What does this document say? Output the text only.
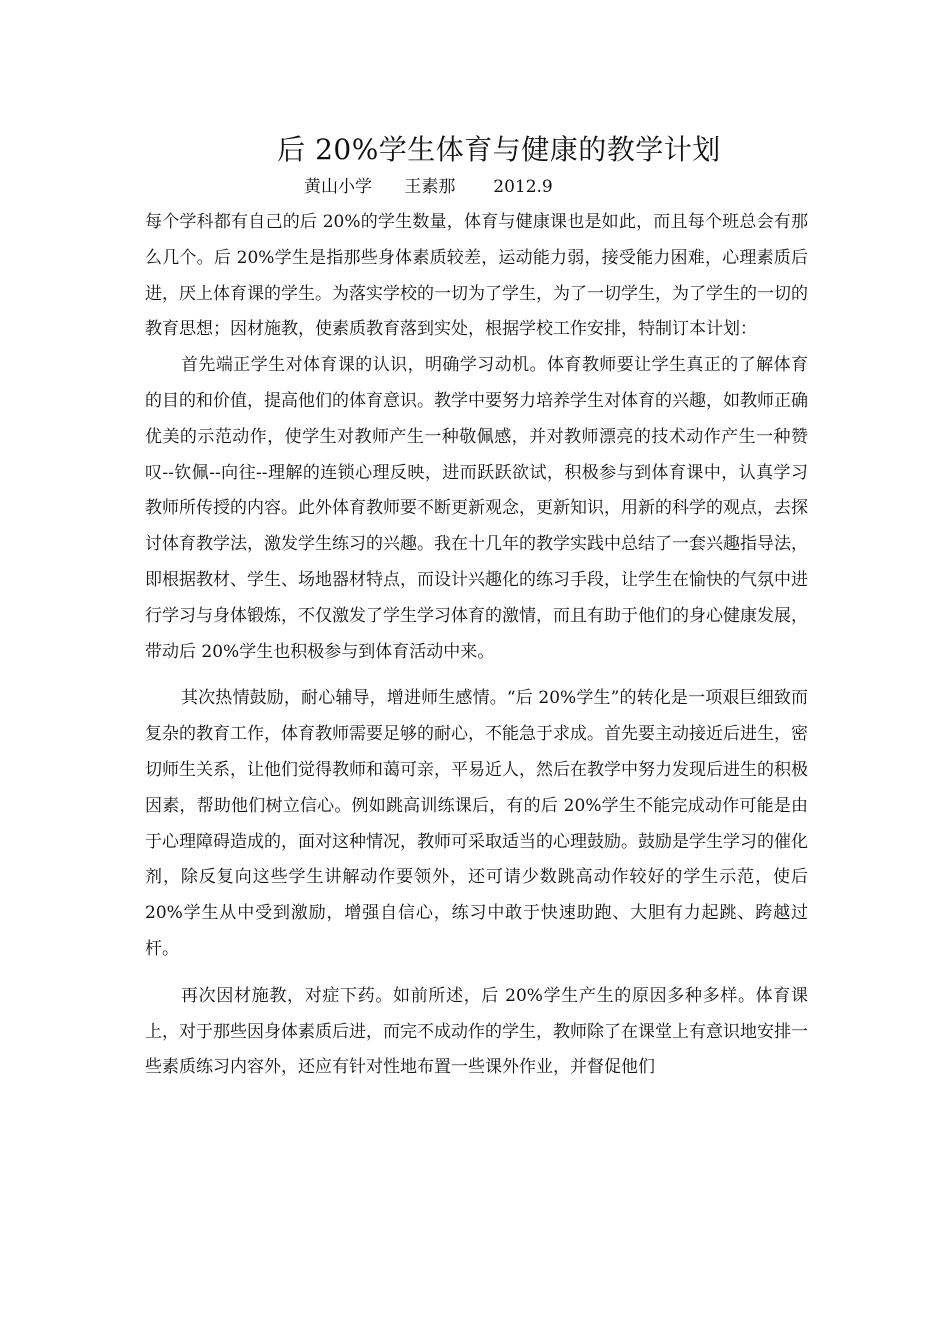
后 20%学生体育与健康的教学计划
黄山小学      王素那       2012.9

每个学科都有自己的后 20%的学生数量，体育与健康课也是如此，而且每个班总会有那么几个。后 20%学生是指那些身体素质较差，运动能力弱，接受能力困难，心理素质后进，厌上体育课的学生。为落实学校的一切为了学生，为了一切学生，为了学生的一切的教育思想；因材施教，使素质教育落到实处，根据学校工作安排，特制订本计划：

首先端正学生对体育课的认识，明确学习动机。体育教师要让学生真正的了解体育的目的和价值，提高他们的体育意识。教学中要努力培养学生对体育的兴趣，如教师正确优美的示范动作，使学生对教师产生一种敬佩感，并对教师漂亮的技术动作产生一种赞叹--钦佩--向往--理解的连锁心理反映，进而跃跃欲试，积极参与到体育课中，认真学习教师所传授的内容。此外体育教师要不断更新观念，更新知识，用新的科学的观点，去探讨体育教学法，激发学生练习的兴趣。我在十几年的教学实践中总结了一套兴趣指导法，即根据教材、学生、场地器材特点，而设计兴趣化的练习手段，让学生在愉快的气氛中进行学习与身体锻炼，不仅激发了学生学习体育的激情，而且有助于他们的身心健康发展，带动后 20%学生也积极参与到体育活动中来。

其次热情鼓励，耐心辅导，增进师生感情。“后 20%学生”的转化是一项艰巨细致而复杂的教育工作，体育教师需要足够的耐心，不能急于求成。首先要主动接近后进生，密切师生关系，让他们觉得教师和蔼可亲，平易近人，然后在教学中努力发现后进生的积极因素，帮助他们树立信心。例如跳高训练课后，有的后 20%学生不能完成动作可能是由于心理障碍造成的，面对这种情况，教师可采取适当的心理鼓励。鼓励是学生学习的催化剂，除反复向这些学生讲解动作要领外，还可请少数跳高动作较好的学生示范，使后 20%学生从中受到激励，增强自信心，练习中敢于快速助跑、大胆有力起跳、跨越过杆。

再次因材施教，对症下药。如前所述，后 20%学生产生的原因多种多样。体育课上，对于那些因身体素质后进，而完不成动作的学生，教师除了在课堂上有意识地安排一些素质练习内容外，还应有针对性地布置一些课外作业，并督促他们
